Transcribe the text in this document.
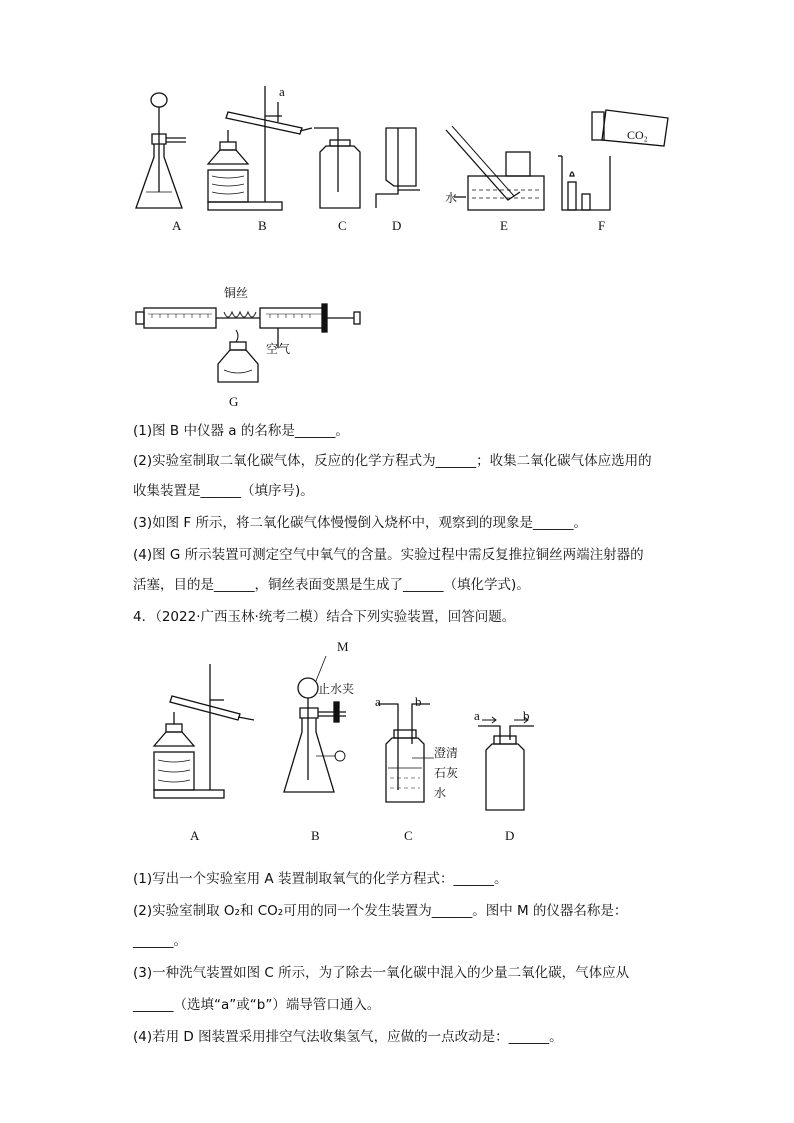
a
水
CO₂
A	B	C	D	E	F
铜丝
空气
G
(1)图 B 中仪器 a 的名称是______。
(2)实验室制取二氧化碳气体，反应的化学方程式为______；收集二氧化碳气体应选用的
收集装置是______（填序号)。
(3)如图 F 所示，将二氧化碳气体慢慢倒入烧杯中，观察到的现象是______。
(4)图 G 所示装置可测定空气中氧气的含量。实验过程中需反复推拉铜丝两端注射器的
活塞，目的是______，铜丝表面变黑是生成了______（填化学式)。
4．（2022·广西玉林·统考二模）结合下列实验装置，回答问题。
M
止水夹
a	b
澄清
石灰
水
a	b
A	B	C	D
(1)写出一个实验室用 A 装置制取氧气的化学方程式：______。
(2)实验室制取 O₂和 CO₂可用的同一个发生装置为______。图中 M 的仪器名称是：
______。
(3)一种洗气装置如图 C 所示，为了除去一氧化碳中混入的少量二氧化碳，气体应从
______（选填“a”或“b”）端导管口通入。
(4)若用 D 图装置采用排空气法收集氢气，应做的一点改动是：______。
